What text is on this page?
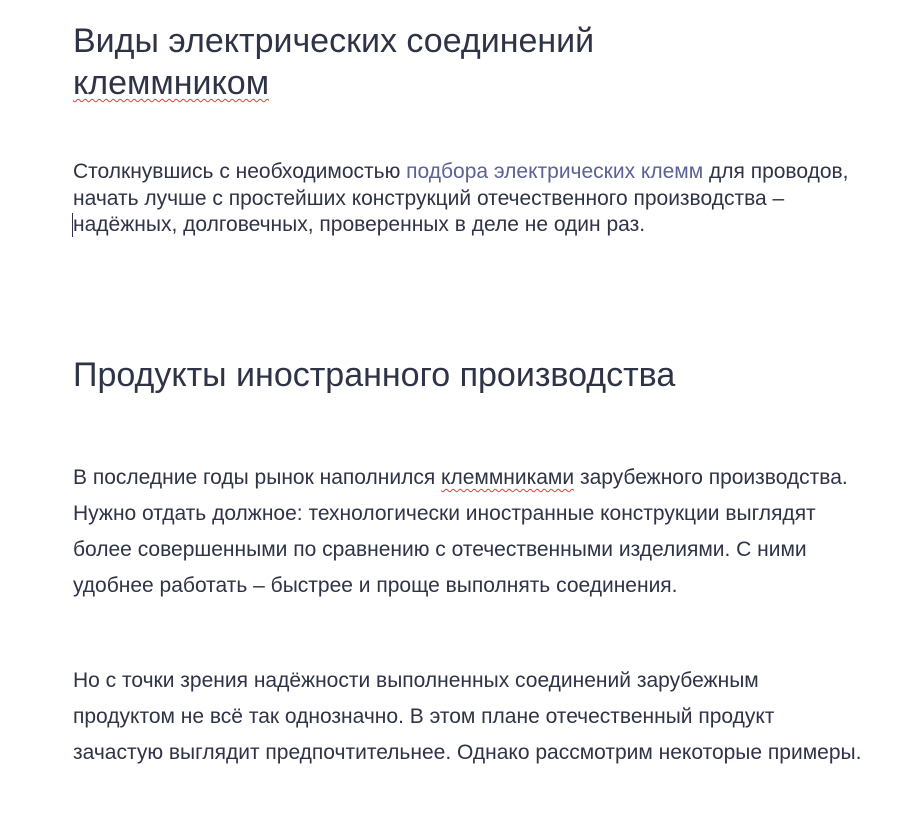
Виды электрических соединений
клеммником

Столкнувшись с необходимостью подбора электрических клемм для проводов, начать лучше с простейших конструкций отечественного производства – надёжных, долговечных, проверенных в деле не один раз.

Продукты иностранного производства

В последние годы рынок наполнился клеммниками зарубежного производства. Нужно отдать должное: технологически иностранные конструкции выглядят более совершенными по сравнению с отечественными изделиями. С ними удобнее работать – быстрее и проще выполнять соединения.

Но с точки зрения надёжности выполненных соединений зарубежным продуктом не всё так однозначно. В этом плане отечественный продукт зачастую выглядит предпочтительнее. Однако рассмотрим некоторые примеры.
